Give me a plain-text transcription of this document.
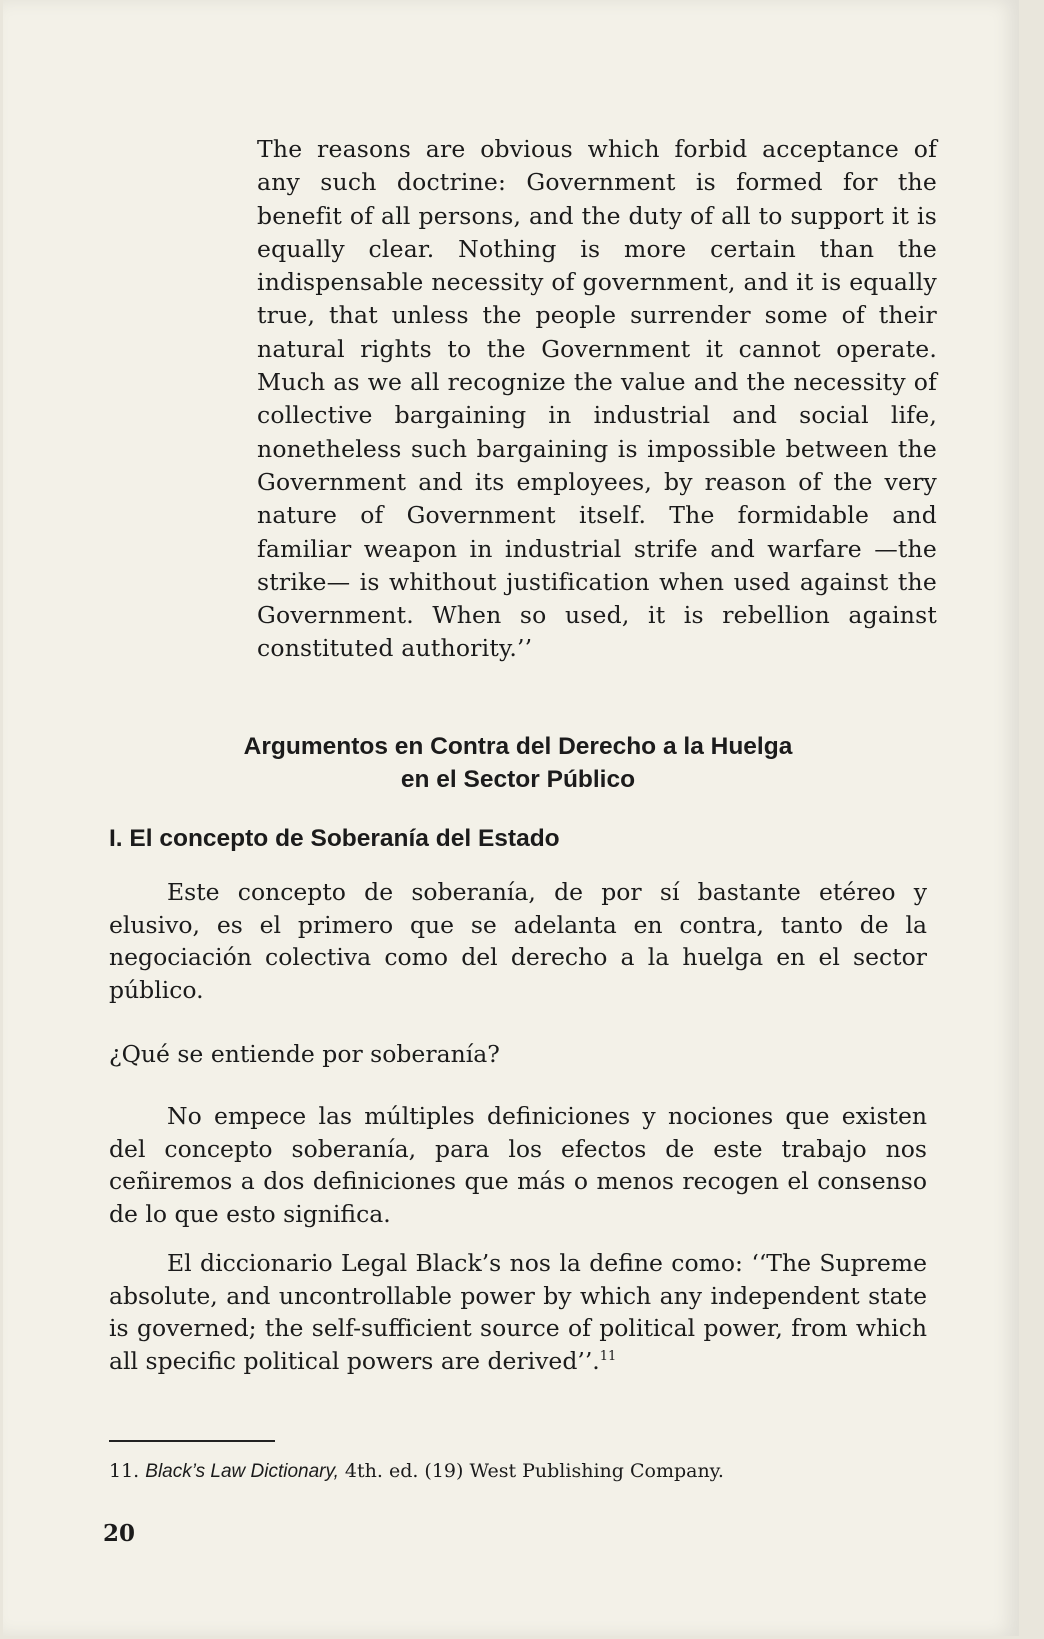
The reasons are obvious which forbid acceptance of any such doctrine: Government is formed for the benefit of all persons, and the duty of all to support it is equally clear. Nothing is more certain than the indispensable necessity of government, and it is equally true, that unless the people surrender some of their natural rights to the Government it cannot operate. Much as we all recognize the value and the necessity of collective bargaining in industrial and social life, nonetheless such bargaining is impossible between the Government and its employees, by reason of the very nature of Government itself. The formidable and familiar weapon in industrial strife and warfare —the strike— is whithout justification when used against the Government. When so used, it is rebellion against constituted authority.’’
Argumentos en Contra del Derecho a la Huelga
en el Sector Público
I. El concepto de Soberanía del Estado
Este concepto de soberanía, de por sí bastante etéreo y elusivo, es el primero que se adelanta en contra, tanto de la negociación colectiva como del derecho a la huelga en el sector público.
¿Qué se entiende por soberanía?
No empece las múltiples definiciones y nociones que existen del concepto soberanía, para los efectos de este trabajo nos ceñiremos a dos definiciones que más o menos recogen el consenso de lo que esto significa.
El diccionario Legal Black’s nos la define como: ‘‘The Supreme absolute, and uncontrollable power by which any independent state is governed; the self-sufficient source of political power, from which all specific political powers are derived’’.$^{11}$
11. Black’s Law Dictionary, 4th. ed. (19) West Publishing Company.
20
